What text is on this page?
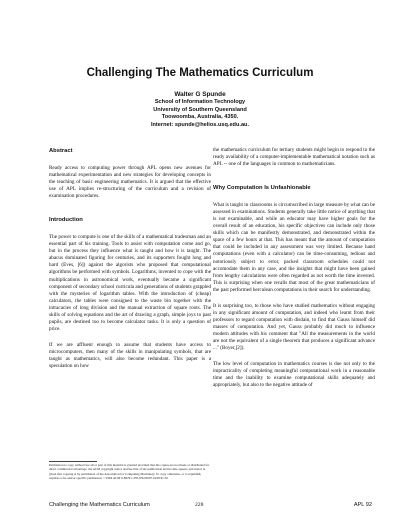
Challenging The Mathematics Curriculum
Walter G Spunde
School of Information Technology
University of Southern Queensland
Toowoomba, Australia, 4350.
Internet: spunde@helios.usq.edu.au.
Abstract

Ready access to computing power through APL opens new avenues for mathematical experimentation and new strategies for developing concepts in the teaching of basic engineering mathematics. It is argued that the effective use of APL implies re-structuring of the curriculum and a revision of examination procedures.

Introduction

The power to compute is one of the skills of a mathematical tradesman and an essential part of his training. Tools to assist with computation come and go, but in the process they influence what is taught and how it is taught. The abacus dominated figuring for centuries, and its supporters fought long and hard (Eves, [6]) against the algorists who proposed that computational algorithms be performed with symbols. Logarithms, invented to cope with the multiplications in astronomical work, eventually became a significant component of secondary school curricula and generations of students grappled with the mysteries of logarithm tables. With the introduction of (cheap) calculators, the tables were consigned to the waste bin together with the intracacies of long division and the manual extraction of square roots. The skills of solving equations and the art of drawing a graph, simple joys to past pupils, are destined too to become calculator tasks. It is only a question of price.

If we are affluent enough to assume that students have access to microcomputers, then many of the skills in manipulating symbols, that are taught as mathematics, will also become redundant. This paper is a speculation on how

the mathematics curriculum for tertiary students might begin to respond to the ready availability of a computer-implementable mathematical notation such as APL -- one of the languages in common to mathematicians.

Why Computation Is Unfashionable

What is taught in classrooms is circumscribed in large measure by what can be assessed in examinations. Students generally take little notice of anything that is not examinable, and while an educator may have higher goals for the overall result of an education, his specific objectives can include only those skills which can be manifestly demonstrated, and demonstrated within the space of a few hours at that. This has meant that the amount of computation that could be included in any assessment was very limited. Because hand computations (even with a calculator) can be time-consuming, tedious and notoriously subject to error, packed classroom schedules could not accomodate them in any case, and the insights that might have been gained from lengthy calculations were often regarded as not worth the time invested. This is surprising when one recalls that most of the great mathematicians of the past performed herculean computations in their search for understanding.

It is surprising too, to those who have studied mathematics without engaging in any significant amount of computation, and indeed who learnt from their professors to regard computation with disdain, to find that Gauss himself did masses of computation. And yet, Gauss probably did much to influence modern attitudes with his comment that "All the measurements in the world are not the equivalent of a single theorem that produces a significant advance ..." (Boyer,[2]).

The low level of computation in mathematics courses is due not only to the impracticality of completing meaningful computational work in a reasonable time and the inability to examine computational skills adequately and appropriately, but also to the negative attitude of

Permission to copy without fee all or part of this material is granted provided that the copies are not made or distributed for direct commercial advantage, the ACM copyright notice and the title of the publication and its date appear, and notice is given that copying is by permission of the Association for Computing Machinery. To copy otherwise, or to republish, requires a fee and/or specific permission. ©1992 ACM 0-89791-478-0/92/0007-0228 $1.50
Challenging the Mathematics Curriculum	228	APL 92
